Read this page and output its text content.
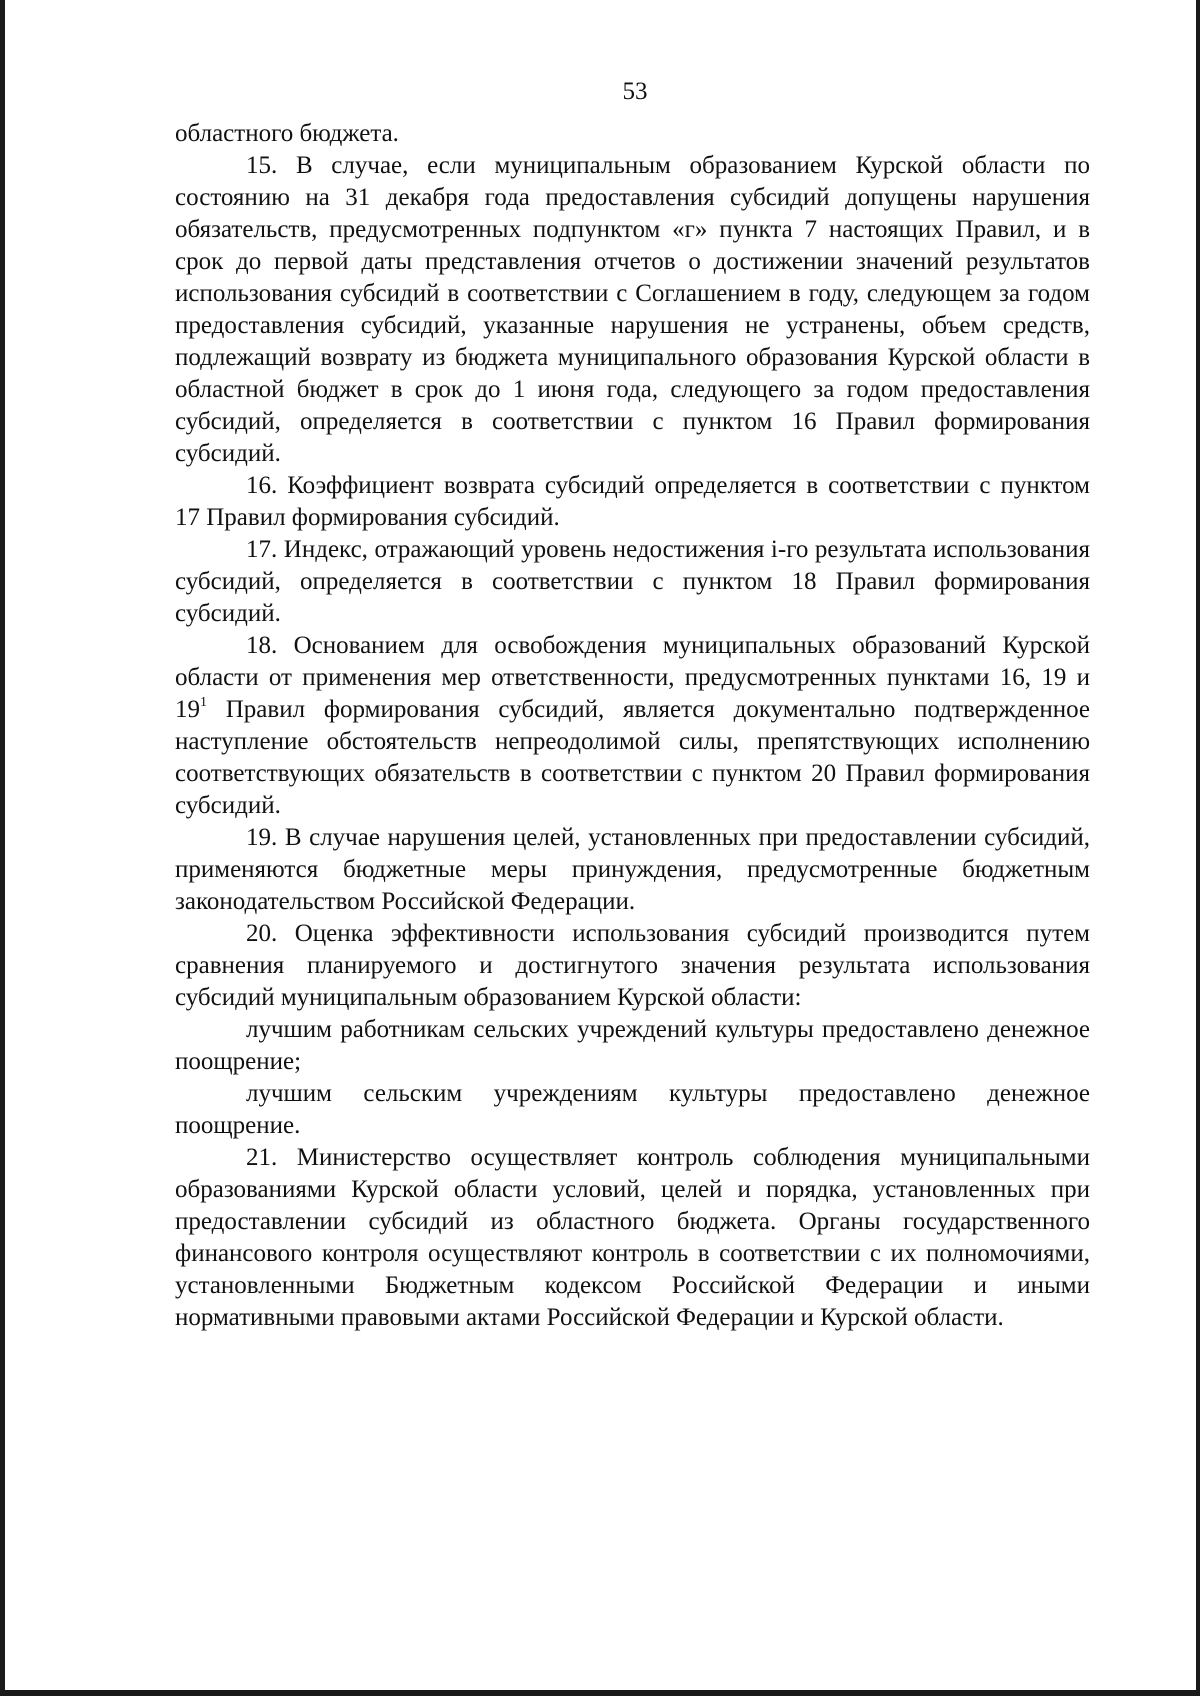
53

областного бюджета.

15. В случае, если муниципальным образованием Курской области по состоянию на 31 декабря года предоставления субсидий допущены нарушения обязательств, предусмотренных подпунктом «г» пункта 7 настоящих Правил, и в срок до первой даты представления отчетов о достижении значений результатов использования субсидий в соответствии с Соглашением в году, следующем за годом предоставления субсидий, указанные нарушения не устранены, объем средств, подлежащий возврату из бюджета муниципального образования Курской области в областной бюджет в срок до 1 июня года, следующего за годом предоставления субсидий, определяется в соответствии с пунктом 16 Правил формирования субсидий.

16. Коэффициент возврата субсидий определяется в соответствии с пунктом 17 Правил формирования субсидий.

17. Индекс, отражающий уровень недостижения i-го результата использования субсидий, определяется в соответствии с пунктом 18 Правил формирования субсидий.

18. Основанием для освобождения муниципальных образований Курской области от применения мер ответственности, предусмотренных пунктами 16, 19 и $19^1$ Правил формирования субсидий, является документально подтвержденное наступление обстоятельств непреодолимой силы, препятствующих исполнению соответствующих обязательств в соответствии с пунктом 20 Правил формирования субсидий.

19. В случае нарушения целей, установленных при предоставлении субсидий, применяются бюджетные меры принуждения, предусмотренные бюджетным законодательством Российской Федерации.

20. Оценка эффективности использования субсидий производится путем сравнения планируемого и достигнутого значения результата использования субсидий муниципальным образованием Курской области:

лучшим работникам сельских учреждений культуры предоставлено денежное поощрение;

лучшим сельским учреждениям культуры предоставлено денежное поощрение.

21. Министерство осуществляет контроль соблюдения муниципальными образованиями Курской области условий, целей и порядка, установленных при предоставлении субсидий из областного бюджета. Органы государственного финансового контроля осуществляют контроль в соответствии с их полномочиями, установленными Бюджетным кодексом Российской Федерации и иными нормативными правовыми актами Российской Федерации и Курской области.
